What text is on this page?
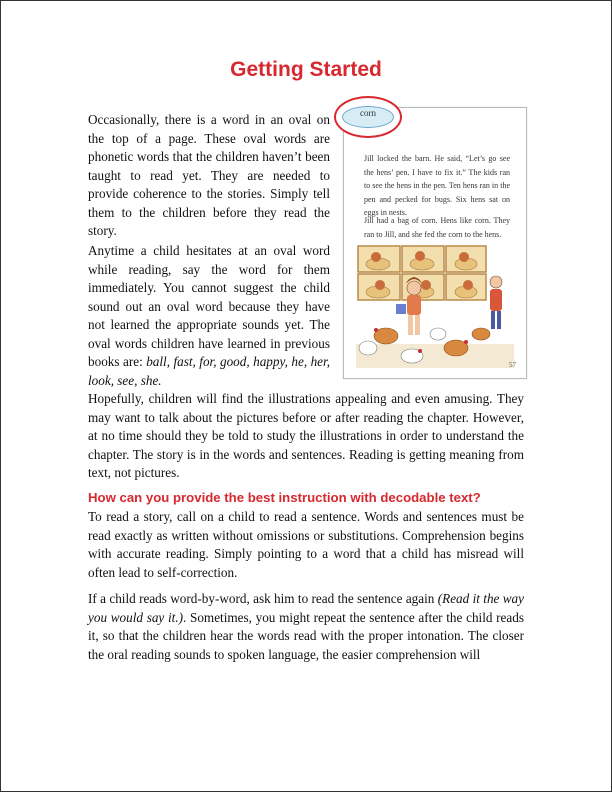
Getting Started

Occasionally, there is a word in an oval on the top of a page. These oval words are phonetic words that the children haven’t been taught to read yet. They are needed to provide coherence to the stories. Simply tell them to the children before they read the story.

Anytime a child hesitates at an oval word while reading, say the word for them immediately. You cannot suggest the child sound out an oval word because they have not learned the appropriate sounds yet. The oval words children have learned in previous books are: ball, fast, for, good, happy, he, her, look, see, she.

Jill locked the barn. He said, “Let’s go see the hens’ pen. I have to fix it.” The kids ran to see the hens in the pen. Ten hens ran in the pen and pecked for bugs. Six hens sat on eggs in nests.

Jill had a bag of corn. Hens like corn. They ran to Jill, and she fed the corn to the hens.

57
corn

Hopefully, children will find the illustrations appealing and even amusing. They may want to talk about the pictures before or after reading the chapter. However, at no time should they be told to study the illustrations in order to understand the chapter. The story is in the words and sentences. Reading is getting meaning from text, not pictures.

How can you provide the best instruction with decodable text?

To read a story, call on a child to read a sentence. Words and sentences must be read exactly as written without omissions or substitutions. Comprehension begins with accurate reading. Simply pointing to a word that a child has misread will often lead to self-correction.

If a child reads word-by-word, ask him to read the sentence again (Read it the way you would say it.). Sometimes, you might repeat the sentence after the child reads it, so that the children hear the words read with the proper intonation. The closer the oral reading sounds to spoken language, the easier comprehension will
